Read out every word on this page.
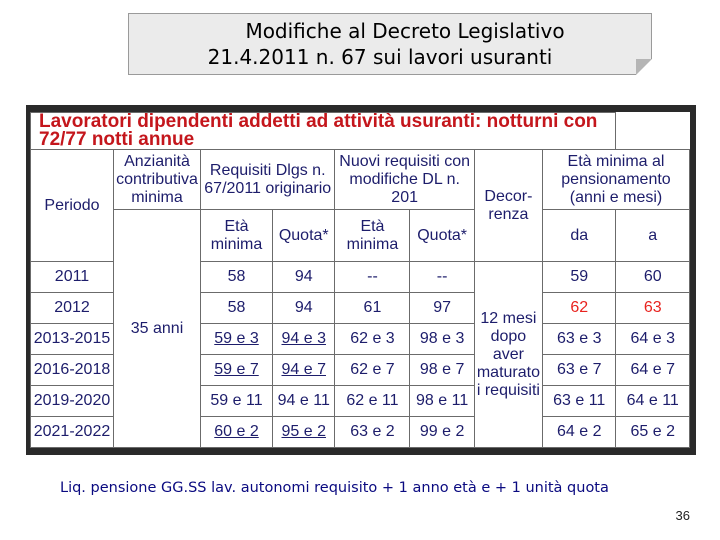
Modifiche al Decreto Legislativo
21.4.2011 n. 67 sui lavori usuranti
Lavoratori dipendenti addetti ad attività usuranti: notturni con 72/77 notti annue								
Periodo	Anzianità contributiva minima	Requisiti Dlgs n. 67/2011 originario		Nuovi requisiti con modifiche DL n. 201		Decor- renza	Età minima al pensionamento (anni e mesi)	
	35 anni	Età minima	Quota*	Età minima	Quota*		da	a
2011		58	94	--	--	12 mesi dopo aver maturato i requisiti	59	60
2012		58	94	61	97		62	63
2013-2015		59 e 3	94 e 3	62 e 3	98 e 3		63 e 3	64 e 3
2016-2018		59 e 7	94 e 7	62 e 7	98 e 7		63 e 7	64 e 7
2019-2020		59 e 11	94 e 11	62 e 11	98 e 11		63 e 11	64 e 11
2021-2022		60 e 2	95 e 2	63 e 2	99 e 2		64 e 2	65 e 2
Liq. pensione GG.SS lav. autonomi requisito + 1 anno età e + 1 unità quota
36
